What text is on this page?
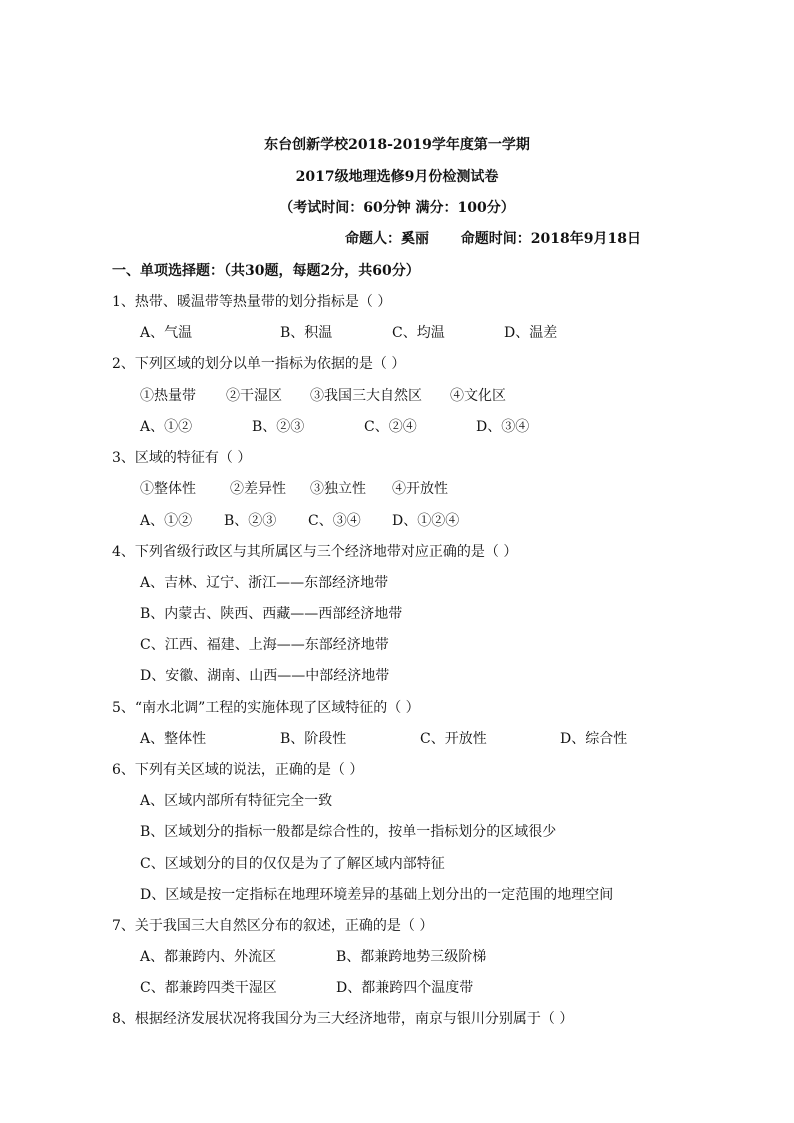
东台创新学校2018-2019学年度第一学期
2017级地理选修9月份检测试卷
（考试时间：60分钟 满分：100分）
命题人：奚丽 命题时间：2018年9月18日
一、单项选择题：（共30题，每题2分，共60分）
1、热带、暖温带等热量带的划分指标是（ ）
A、气温	B、积温	C、均温	D、温差
2、下列区域的划分以单一指标为依据的是（ ）
①热量带 ②干湿区 ③我国三大自然区 ④文化区
A、①②	B、②③	C、②④	D、③④
3、区域的特征有（ ）
①整体性 ②差异性 ③独立性 ④开放性
A、①② B、②③ C、③④ D、①②④
4、下列省级行政区与其所属区与三个经济地带对应正确的是（ ）
A、吉林、辽宁、浙江——东部经济地带
B、内蒙古、陕西、西藏——西部经济地带
C、江西、福建、上海——东部经济地带
D、安徽、湖南、山西——中部经济地带
5、“南水北调”工程的实施体现了区域特征的（ ）
A、整体性	B、阶段性	C、开放性	D、综合性
6、下列有关区域的说法，正确的是（ ）
A、区域内部所有特征完全一致
B、区域划分的指标一般都是综合性的，按单一指标划分的区域很少
C、区域划分的目的仅仅是为了了解区域内部特征
D、区域是按一定指标在地理环境差异的基础上划分出的一定范围的地理空间
7、关于我国三大自然区分布的叙述，正确的是（ ）
A、都兼跨内、外流区	B、都兼跨地势三级阶梯
C、都兼跨四类干湿区	D、都兼跨四个温度带
8、根据经济发展状况将我国分为三大经济地带，南京与银川分别属于（ ）
